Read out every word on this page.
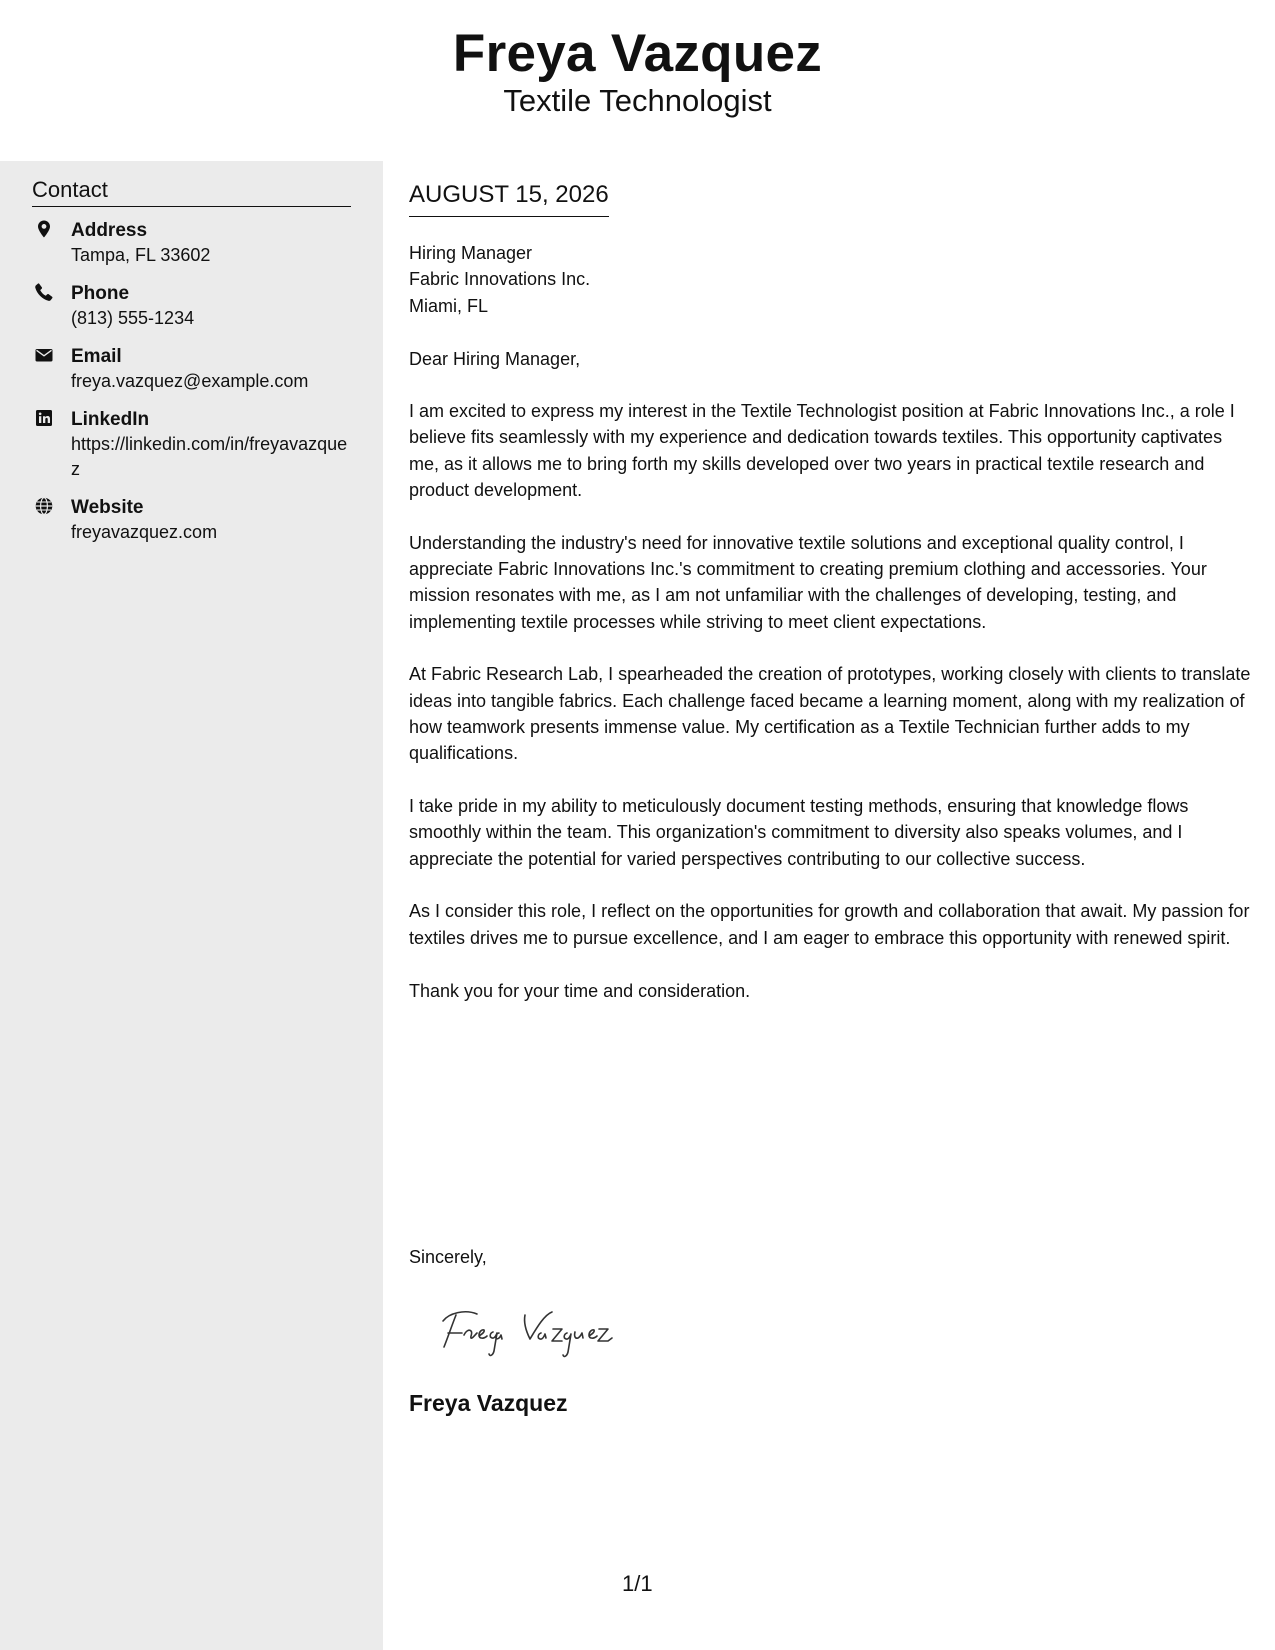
Freya Vazquez
Textile Technologist
Contact
Address
Tampa, FL 33602
Phone
(813) 555-1234
Email
freya.vazquez@example.com
LinkedIn
https://linkedin.com/in/freyavazquez
Website
freyavazquez.com
AUGUST 15, 2026
Hiring Manager
Fabric Innovations Inc.
Miami, FL
Dear Hiring Manager,

I am excited to express my interest in the Textile Technologist position at Fabric Innovations Inc., a role I believe fits seamlessly with my experience and dedication towards textiles. This opportunity captivates me, as it allows me to bring forth my skills developed over two years in practical textile research and product development.

Understanding the industry's need for innovative textile solutions and exceptional quality control, I appreciate Fabric Innovations Inc.'s commitment to creating premium clothing and accessories. Your mission resonates with me, as I am not unfamiliar with the challenges of developing, testing, and implementing textile processes while striving to meet client expectations.

At Fabric Research Lab, I spearheaded the creation of prototypes, working closely with clients to translate ideas into tangible fabrics. Each challenge faced became a learning moment, along with my realization of how teamwork presents immense value. My certification as a Textile Technician further adds to my qualifications.

I take pride in my ability to meticulously document testing methods, ensuring that knowledge flows smoothly within the team. This organization's commitment to diversity also speaks volumes, and I appreciate the potential for varied perspectives contributing to our collective success.

As I consider this role, I reflect on the opportunities for growth and collaboration that await. My passion for textiles drives me to pursue excellence, and I am eager to embrace this opportunity with renewed spirit.

Thank you for your time and consideration.

Sincerely,
Freya Vazquez
1/1
